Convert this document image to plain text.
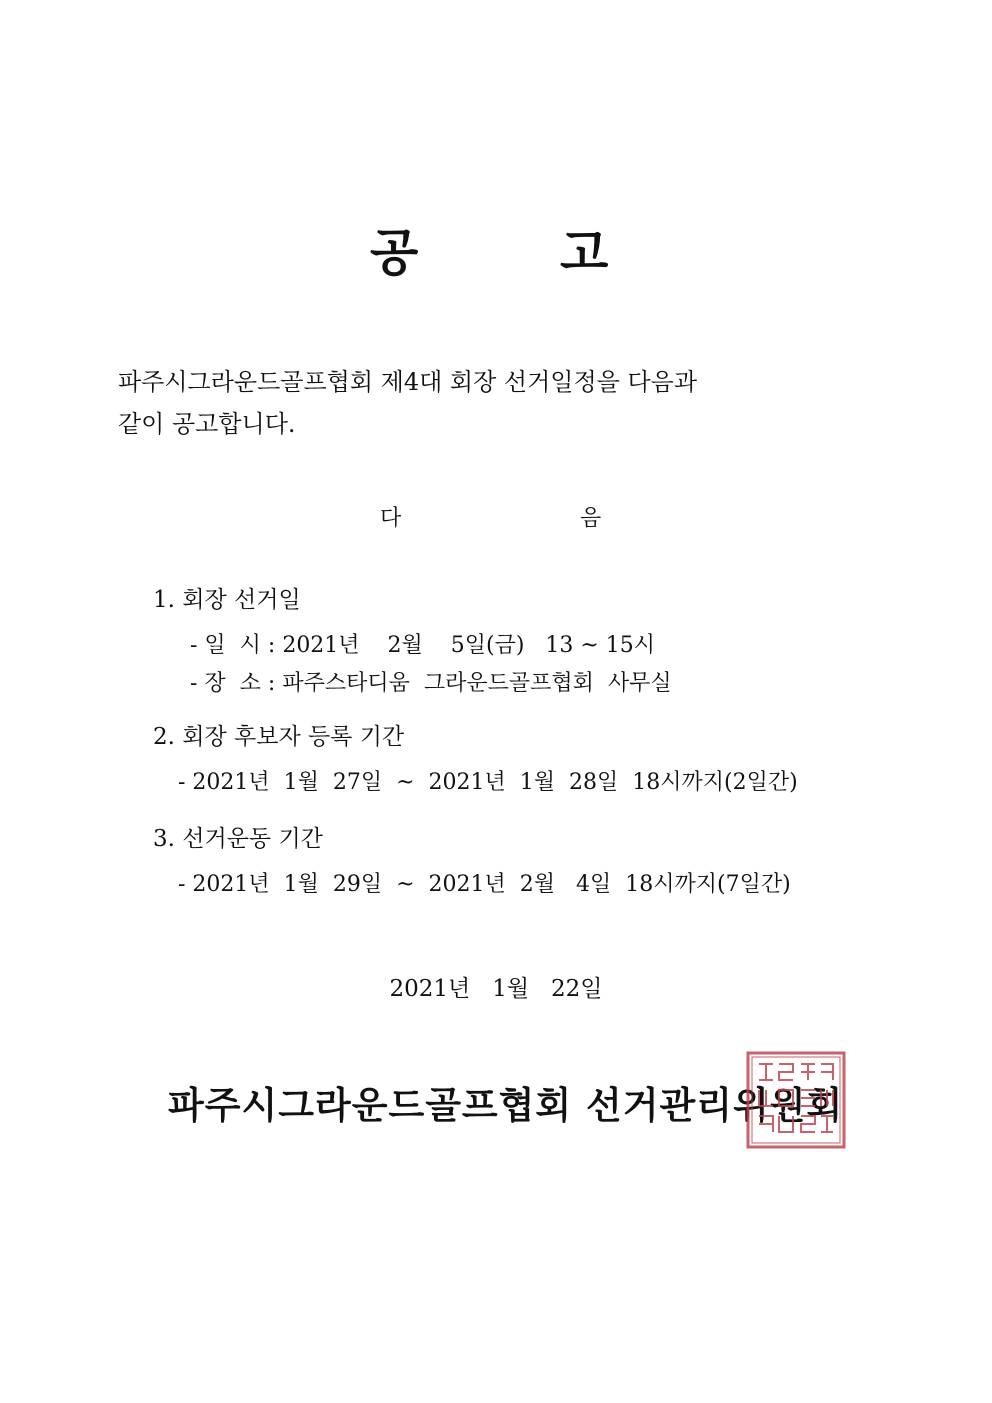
공	고
파주시그라운드골프협회 제4대 회장 선거일정을 다음과
같이 공고합니다.
다	음
1. 회장 선거일
- 일  시 : 2021년    2월    5일(금)   13 ~ 15시
- 장  소 : 파주스타디움  그라운드골프협회  사무실
2. 회장 후보자 등록 기간
- 2021년  1월  27일  ~  2021년  1월  28일  18시까지(2일간)
3. 선거운동 기간
- 2021년  1월  29일  ~  2021년  2월   4일  18시까지(7일간)
2021년   1월   22일
파주시그라운드골프협회 선거관리위원회
